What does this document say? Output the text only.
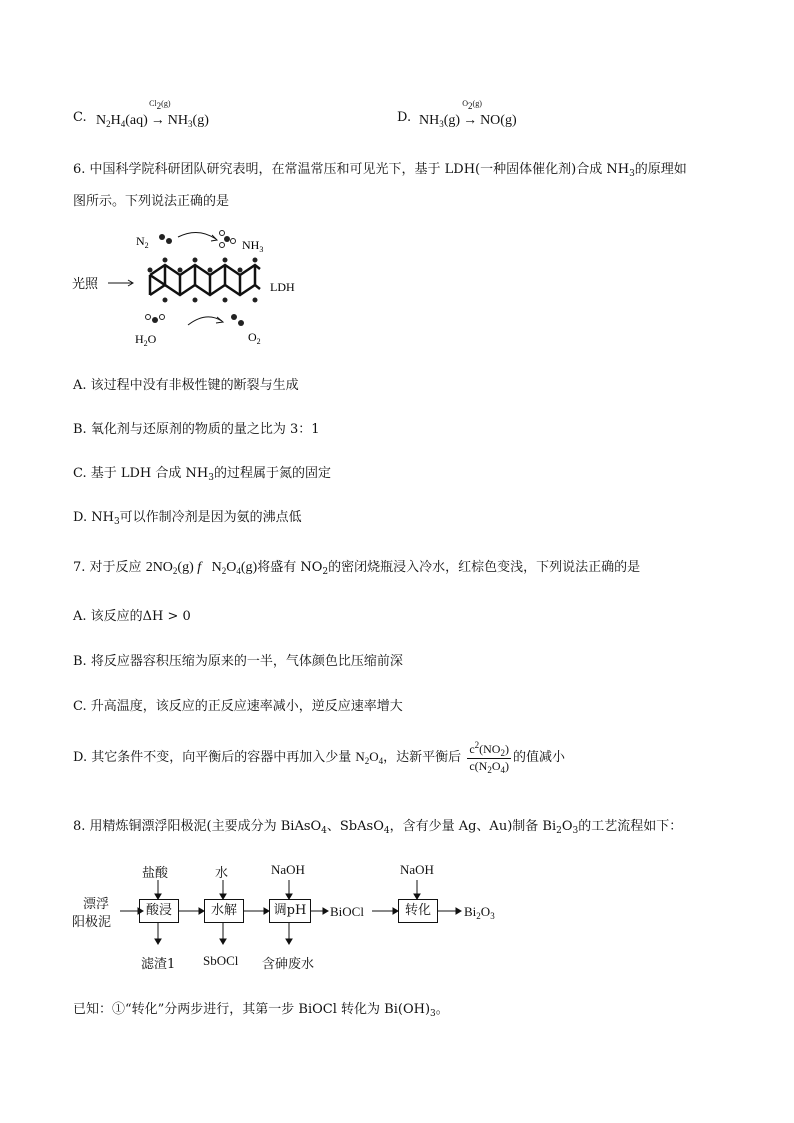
C. $N_2H_4(aq)$
$Cl_2(g)$
→ $NH_3(g)$	D. $NH_3(g)$
$O_2(g)$
→ NO(g)
6. 中国科学院科研团队研究表明，在常温常压和可见光下，基于 LDH(一种固体催化剂)合成 $NH_3$的原理如
图所示。下列说法正确的是
$N_2$	$NH_3$
光照	LDH
$H_2O$	$O_2$
A. 该过程中没有非极性键的断裂与生成
B. 氧化剂与还原剂的物质的量之比为 3：1
C. 基于 LDH 合成 $NH_3$的过程属于氮的固定
D. $NH_3$可以作制冷剂是因为氨的沸点低
7. 对于反应 $2NO_2(g)$ f $N_2O_4(g)$将盛有 $NO_2$的密闭烧瓶浸入冷水，红棕色变浅，下列说法正确的是
A. 该反应的ΔH > 0
B. 将反应器容积压缩为原来的一半，气体颜色比压缩前深
C. 升高温度，该反应的正反应速率减小，逆反应速率增大
D. 其它条件不变，向平衡后的容器中再加入少量 $N_2O_4$，达新平衡后 $\frac{c^2(NO_2)}{c(N_2O_4)}$ 的值减小
8. 用精炼铜漂浮阳极泥(主要成分为 BiAsO$_4$、SbAsO$_4$，含有少量 Ag、Au)制备 $Bi_2O_3$的工艺流程如下：
盐酸	水	NaOH	NaOH
漂浮
阳极泥
酸浸	水解	调pH	BiOCl	转化	$Bi_2O_3$
滤渣1 SbOCl 含砷废水
已知：①“转化”分两步进行，其第一步 BiOCl 转化为 $Bi(OH)_3$。
